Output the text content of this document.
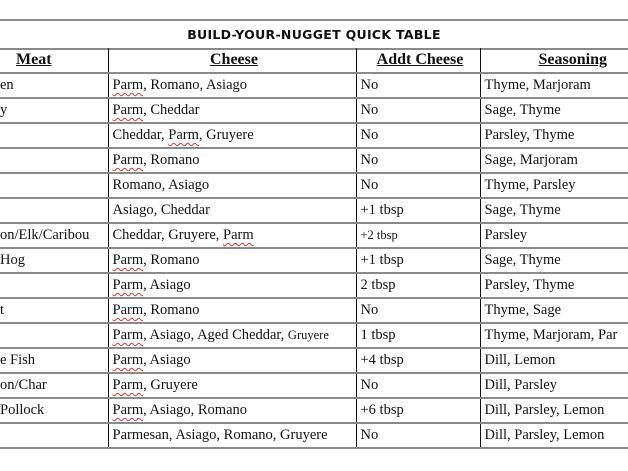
BUILD-YOUR-NUGGET QUICK TABLE
Meat	Cheese	Addt Cheese	Seasoning
en	Parm, Romano, Asiago	No	Thyme, Marjoram
y	Parm, Cheddar	No	Sage, Thyme
	Cheddar, Parm, Gruyere	No	Parsley, Thyme
	Parm, Romano	No	Sage, Marjoram
	Romano, Asiago	No	Thyme, Parsley
	Asiago, Cheddar	+1 tbsp	Sage, Thyme
on/Elk/Caribou	Cheddar, Gruyere, Parm	+2 tbsp	Parsley
Hog	Parm, Romano	+1 tbsp	Sage, Thyme
	Parm, Asiago	2 tbsp	Parsley, Thyme
t	Parm, Romano	No	Thyme, Sage
	Parm, Asiago, Aged Cheddar, Gruyere	1 tbsp	Thyme, Marjoram, Par
e Fish	Parm, Asiago	+4 tbsp	Dill, Lemon
on/Char	Parm, Gruyere	No	Dill, Parsley
Pollock	Parm, Asiago, Romano	+6 tbsp	Dill, Parsley, Lemon
	Parmesan, Asiago, Romano, Gruyere	No	Dill, Parsley, Lemon
